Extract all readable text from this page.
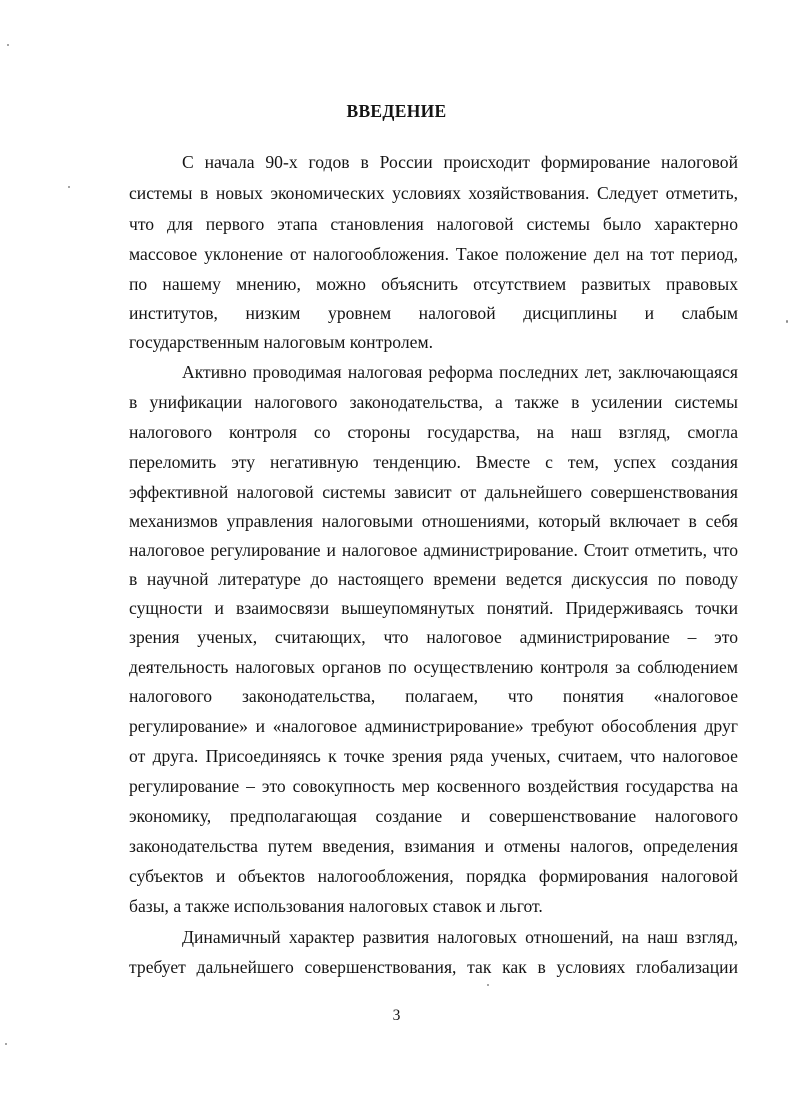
ВВЕДЕНИЕ

С начала 90-х годов в России происходит формирование налоговой

системы в новых экономических условиях хозяйствования. Следует отметить,

что для первого этапа становления налоговой системы было характерно

массовое уклонение от налогообложения. Такое положение дел на тот период,

по нашему мнению, можно объяснить отсутствием развитых правовых

институтов, низким уровнем налоговой дисциплины и слабым

государственным налоговым контролем.

Активно проводимая налоговая реформа последних лет, заключающаяся

в унификации налогового законодательства, а также в усилении системы

налогового контроля со стороны государства, на наш взгляд, смогла

переломить эту негативную тенденцию. Вместе с тем, успех создания

эффективной налоговой системы зависит от дальнейшего совершенствования

механизмов управления налоговыми отношениями, который включает в себя

налоговое регулирование и налоговое администрирование. Стоит отметить, что

в научной литературе до настоящего времени ведется дискуссия по поводу

сущности и взаимосвязи вышеупомянутых понятий. Придерживаясь точки

зрения ученых, считающих, что налоговое администрирование – это

деятельность налоговых органов по осуществлению контроля за соблюдением

налогового законодательства, полагаем, что понятия «налоговое

регулирование» и «налоговое администрирование» требуют обособления друг

от друга. Присоединяясь к точке зрения ряда ученых, считаем, что налоговое

регулирование – это совокупность мер косвенного воздействия государства на

экономику, предполагающая создание и совершенствование налогового

законодательства путем введения, взимания и отмены налогов, определения

субъектов и объектов налогообложения, порядка формирования налоговой

базы, а также использования налоговых ставок и льгот.

Динамичный характер развития налоговых отношений, на наш взгляд,

требует дальнейшего совершенствования, так как в условиях глобализации

3
